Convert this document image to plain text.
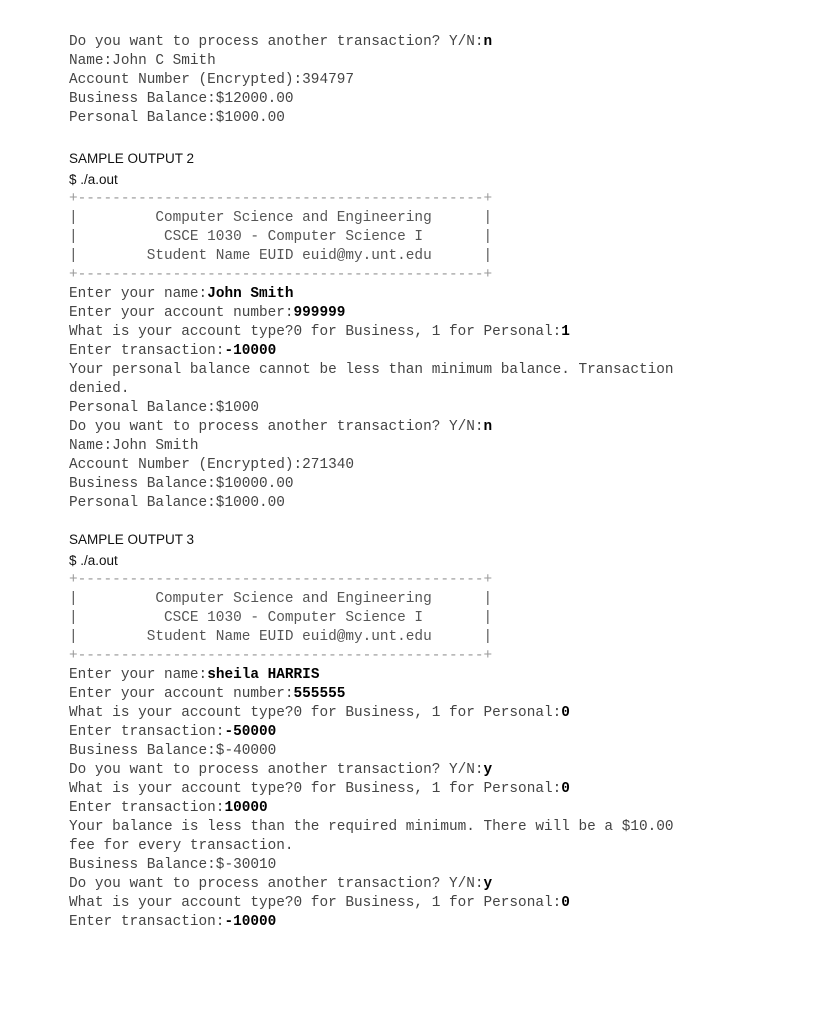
Do you want to process another transaction? Y/N:n
Name:John C Smith
Account Number (Encrypted):394797
Business Balance:$12000.00
Personal Balance:$1000.00
SAMPLE OUTPUT 2
$ ./a.out
+-----------------------------------------------+
|         Computer Science and Engineering      |
|          CSCE 1030 - Computer Science I       |
|        Student Name EUID euid@my.unt.edu      |
+-----------------------------------------------+
Enter your name:John Smith
Enter your account number:999999
What is your account type?0 for Business, 1 for Personal:1
Enter transaction:-10000
Your personal balance cannot be less than minimum balance. Transaction
denied.
Personal Balance:$1000
Do you want to process another transaction? Y/N:n
Name:John Smith
Account Number (Encrypted):271340
Business Balance:$10000.00
Personal Balance:$1000.00
SAMPLE OUTPUT 3
$ ./a.out
+-----------------------------------------------+
|         Computer Science and Engineering      |
|          CSCE 1030 - Computer Science I       |
|        Student Name EUID euid@my.unt.edu      |
+-----------------------------------------------+
Enter your name:sheila HARRIS
Enter your account number:555555
What is your account type?0 for Business, 1 for Personal:0
Enter transaction:-50000
Business Balance:$-40000
Do you want to process another transaction? Y/N:y
What is your account type?0 for Business, 1 for Personal:0
Enter transaction:10000
Your balance is less than the required minimum. There will be a $10.00
fee for every transaction.
Business Balance:$-30010
Do you want to process another transaction? Y/N:y
What is your account type?0 for Business, 1 for Personal:0
Enter transaction:-10000
